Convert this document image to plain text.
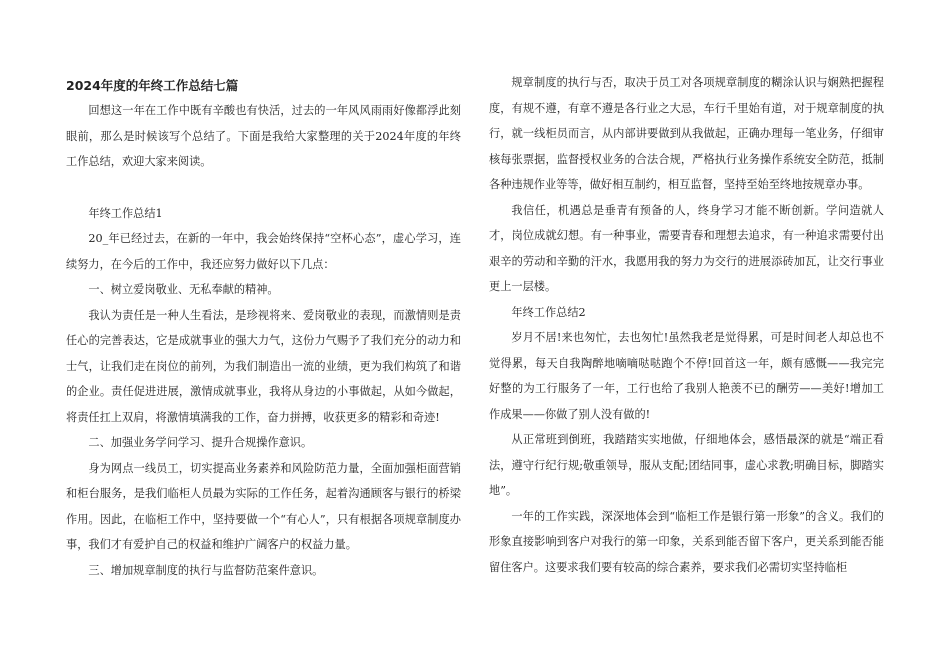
2024年度的年终工作总结七篇

回想这一年在工作中既有辛酸也有快活，过去的一年风风雨雨好像都浮此刻眼前，那么是时候该写个总结了。下面是我给大家整理的关于2024年度的年终工作总结，欢迎大家来阅读。

年终工作总结1

20_年已经过去，在新的一年中，我会始终保持“空杯心态”，虚心学习，连续努力，在今后的工作中，我还应努力做好以下几点：

一、树立爱岗敬业、无私奉献的精神。

我认为责任是一种人生看法，是珍视将来、爱岗敬业的表现，而激情则是责任心的完善表达，它是成就事业的强大力气，这份力气赐予了我们充分的动力和士气，让我们走在岗位的前列，为我们制造出一流的业绩，更为我们构筑了和谐的企业。责任促进进展，激情成就事业，我将从身边的小事做起，从如今做起，将责任扛上双肩，将激情填满我的工作，奋力拼搏，收获更多的精彩和奇迹!

二、加强业务学问学习、提升合规操作意识。

身为网点一线员工，切实提高业务素养和风险防范力量，全面加强柜面营销和柜台服务，是我们临柜人员最为实际的工作任务，起着沟通顾客与银行的桥梁作用。因此，在临柜工作中，坚持要做一个“有心人”，只有根据各项规章制度办事，我们才有爱护自己的权益和维护广阔客户的权益力量。

三、增加规章制度的执行与监督防范案件意识。

规章制度的执行与否，取决于员工对各项规章制度的糊涂认识与娴熟把握程度，有规不遵，有章不遵是各行业之大忌，车行千里始有道，对于规章制度的执行，就一线柜员而言，从内部讲要做到从我做起，正确办理每一笔业务，仔细审核每张票据，监督授权业务的合法合规，严格执行业务操作系统安全防范，抵制各种违规作业等等，做好相互制约，相互监督，坚持至始至终地按规章办事。

我信任，机遇总是垂青有预备的人，终身学习才能不断创新。学问造就人才，岗位成就幻想。有一种事业，需要青春和理想去追求，有一种追求需要付出艰辛的劳动和辛勤的汗水，我愿用我的努力为交行的进展添砖加瓦，让交行事业更上一层楼。

年终工作总结2

岁月不居!来也匆忙，去也匆忙!虽然我老是觉得累，可是时间老人却总也不觉得累，每天自我陶醉地嘀嘀哒哒跑个不停!回首这一年，颇有感慨——我完完好整的为工行服务了一年，工行也给了我别人艳羡不已的酬劳——美好!增加工作成果——你做了别人没有做的!

从正常班到倒班，我踏踏实实地做，仔细地体会，感悟最深的就是“端正看法，遵守行纪行规;敬重领导，服从支配;团结同事，虚心求教;明确目标，脚踏实地”。

一年的工作实践，深深地体会到“临柜工作是银行第一形象”的含义。我们的形象直接影响到客户对我行的第一印象，关系到能否留下客户，更关系到能否能留住客户。这要求我们要有较高的综合素养，要求我们必需切实坚持临柜
